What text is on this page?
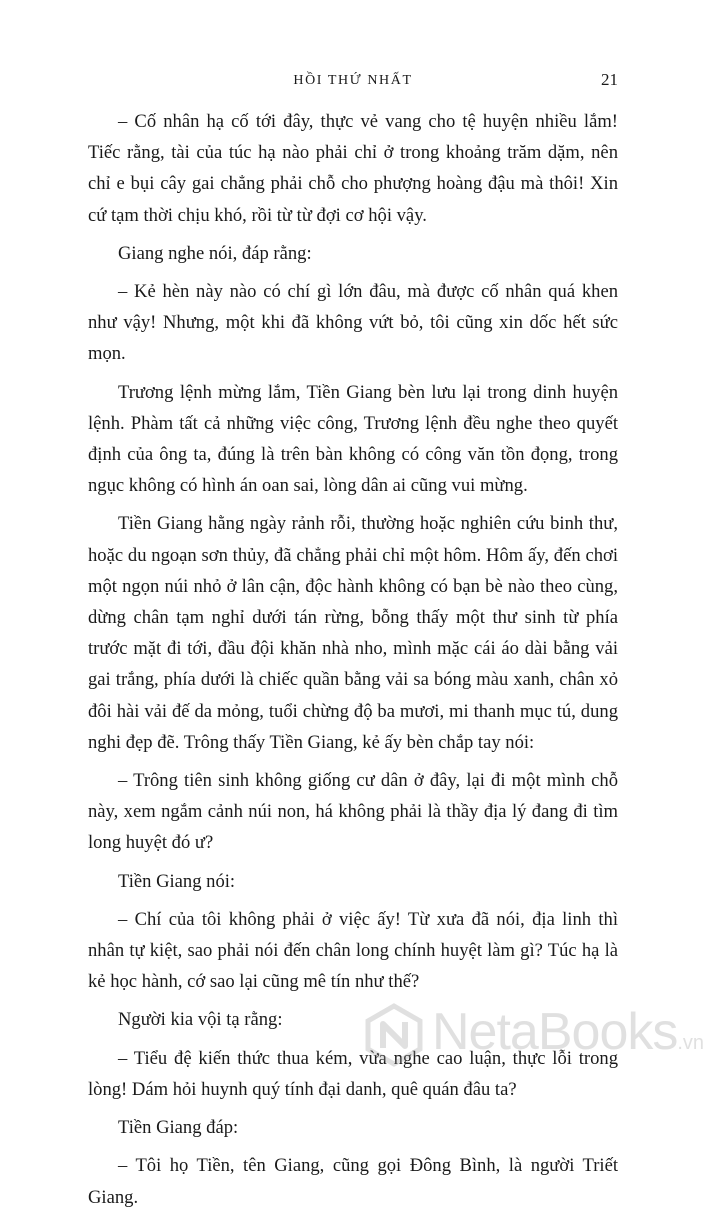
HỒI THỨ NHẤT	21

– Cố nhân hạ cố tới đây, thực vẻ vang cho tệ huyện nhiều lắm! Tiếc rằng, tài của túc hạ nào phải chỉ ở trong khoảng trăm dặm, nên chỉ e bụi cây gai chẳng phải chỗ cho phượng hoàng đậu mà thôi! Xin cứ tạm thời chịu khó, rồi từ từ đợi cơ hội vậy.

Giang nghe nói, đáp rằng:

– Kẻ hèn này nào có chí gì lớn đâu, mà được cố nhân quá khen như vậy! Nhưng, một khi đã không vứt bỏ, tôi cũng xin dốc hết sức mọn.

Trương lệnh mừng lắm, Tiền Giang bèn lưu lại trong dinh huyện lệnh. Phàm tất cả những việc công, Trương lệnh đều nghe theo quyết định của ông ta, đúng là trên bàn không có công văn tồn đọng, trong ngục không có hình án oan sai, lòng dân ai cũng vui mừng.

Tiền Giang hằng ngày rảnh rỗi, thường hoặc nghiên cứu binh thư, hoặc du ngoạn sơn thủy, đã chẳng phải chỉ một hôm. Hôm ấy, đến chơi một ngọn núi nhỏ ở lân cận, độc hành không có bạn bè nào theo cùng, dừng chân tạm nghỉ dưới tán rừng, bỗng thấy một thư sinh từ phía trước mặt đi tới, đầu đội khăn nhà nho, mình mặc cái áo dài bằng vải gai trắng, phía dưới là chiếc quần bằng vải sa bóng màu xanh, chân xỏ đôi hài vải đế da mỏng, tuổi chừng độ ba mươi, mi thanh mục tú, dung nghi đẹp đẽ. Trông thấy Tiền Giang, kẻ ấy bèn chắp tay nói:

– Trông tiên sinh không giống cư dân ở đây, lại đi một mình chỗ này, xem ngắm cảnh núi non, há không phải là thầy địa lý đang đi tìm long huyệt đó ư?

Tiền Giang nói:

– Chí của tôi không phải ở việc ấy! Từ xưa đã nói, địa linh thì nhân tự kiệt, sao phải nói đến chân long chính huyệt làm gì? Túc hạ là kẻ học hành, cớ sao lại cũng mê tín như thế?

Người kia vội tạ rằng:

– Tiểu đệ kiến thức thua kém, vừa nghe cao luận, thực lỗi trong lòng! Dám hỏi huynh quý tính đại danh, quê quán đâu ta?

Tiền Giang đáp:

– Tôi họ Tiền, tên Giang, cũng gọi Đông Bình, là người Triết Giang.

NetaBooks.vn
